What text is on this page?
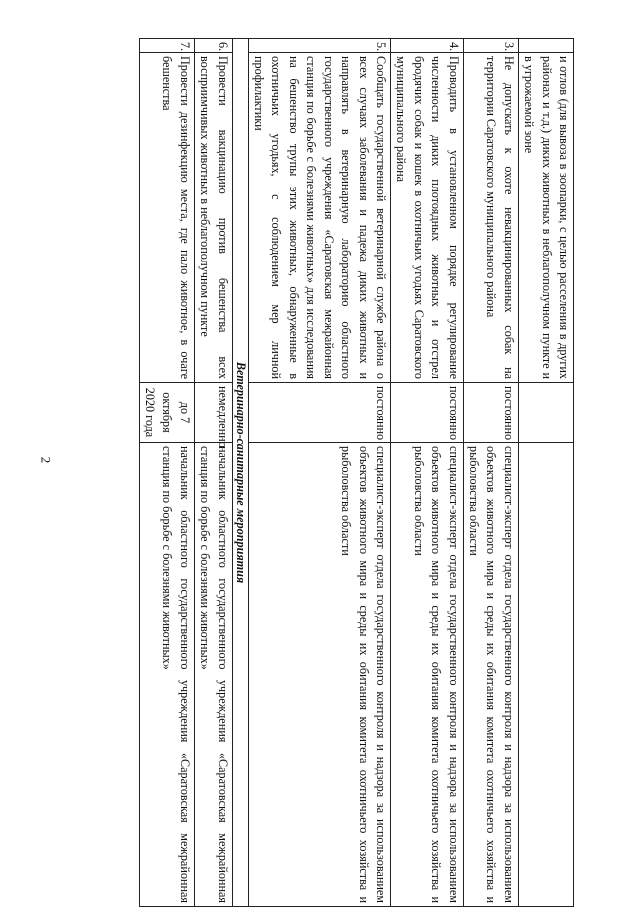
2
	и отлов (для вывоза в зоопарки, с целью расселения в других районах и т.д.) диких животных в неблагополучном пункте и в угрожаемой зоне		
3.	Не допускать к охоте невакцинированных собак на территории Саратовского муниципального района	постоянно	специалист-эксперт отдела государственного контроля и надзора за использованием объектов животного мира и среды их обитания комитета охотничьего хозяйства и рыболовства области
4.	Проводить в установленном порядке регулирование численности диких плотоядных животных и отстрел бродячих собак и кошек в охотничьих угодьях Саратовского муниципального района	постоянно	специалист-эксперт отдела государственного контроля и надзора за использованием объектов животного мира и среды их обитания комитета охотничьего хозяйства и рыболовства области
5.	Сообщать государственной ветеринарной службе района о всех случаях заболевания и падежа диких животных и направлять в ветеринарную лабораторию областного государственного учреждения «Саратовская межрайонная станция по борьбе с болезнями животных» для исследования на бешенство трупы этих животных, обнаруженные в охотничьих угодьях, с соблюдением мер личной профилактики	постоянно	специалист-эксперт отдела государственного контроля и надзора за использованием объектов животного мира и среды их обитания комитета охотничьего хозяйства и рыболовства области
Ветеринарно-санитарные мероприятия			
6.	Провести вакцинацию против бешенства всех восприимчивых животных в неблагополучном пункте	немедленно	начальник областного государственного учреждения «Саратовская межрайонная станция по борьбе с болезнями животных»
7.	Провести дезинфекцию места, где пало животное, в очаге бешенства	до 7 октября 2020 года	начальник областного государственного учреждения «Саратовская межрайонная станция по борьбе с болезнями животных»
